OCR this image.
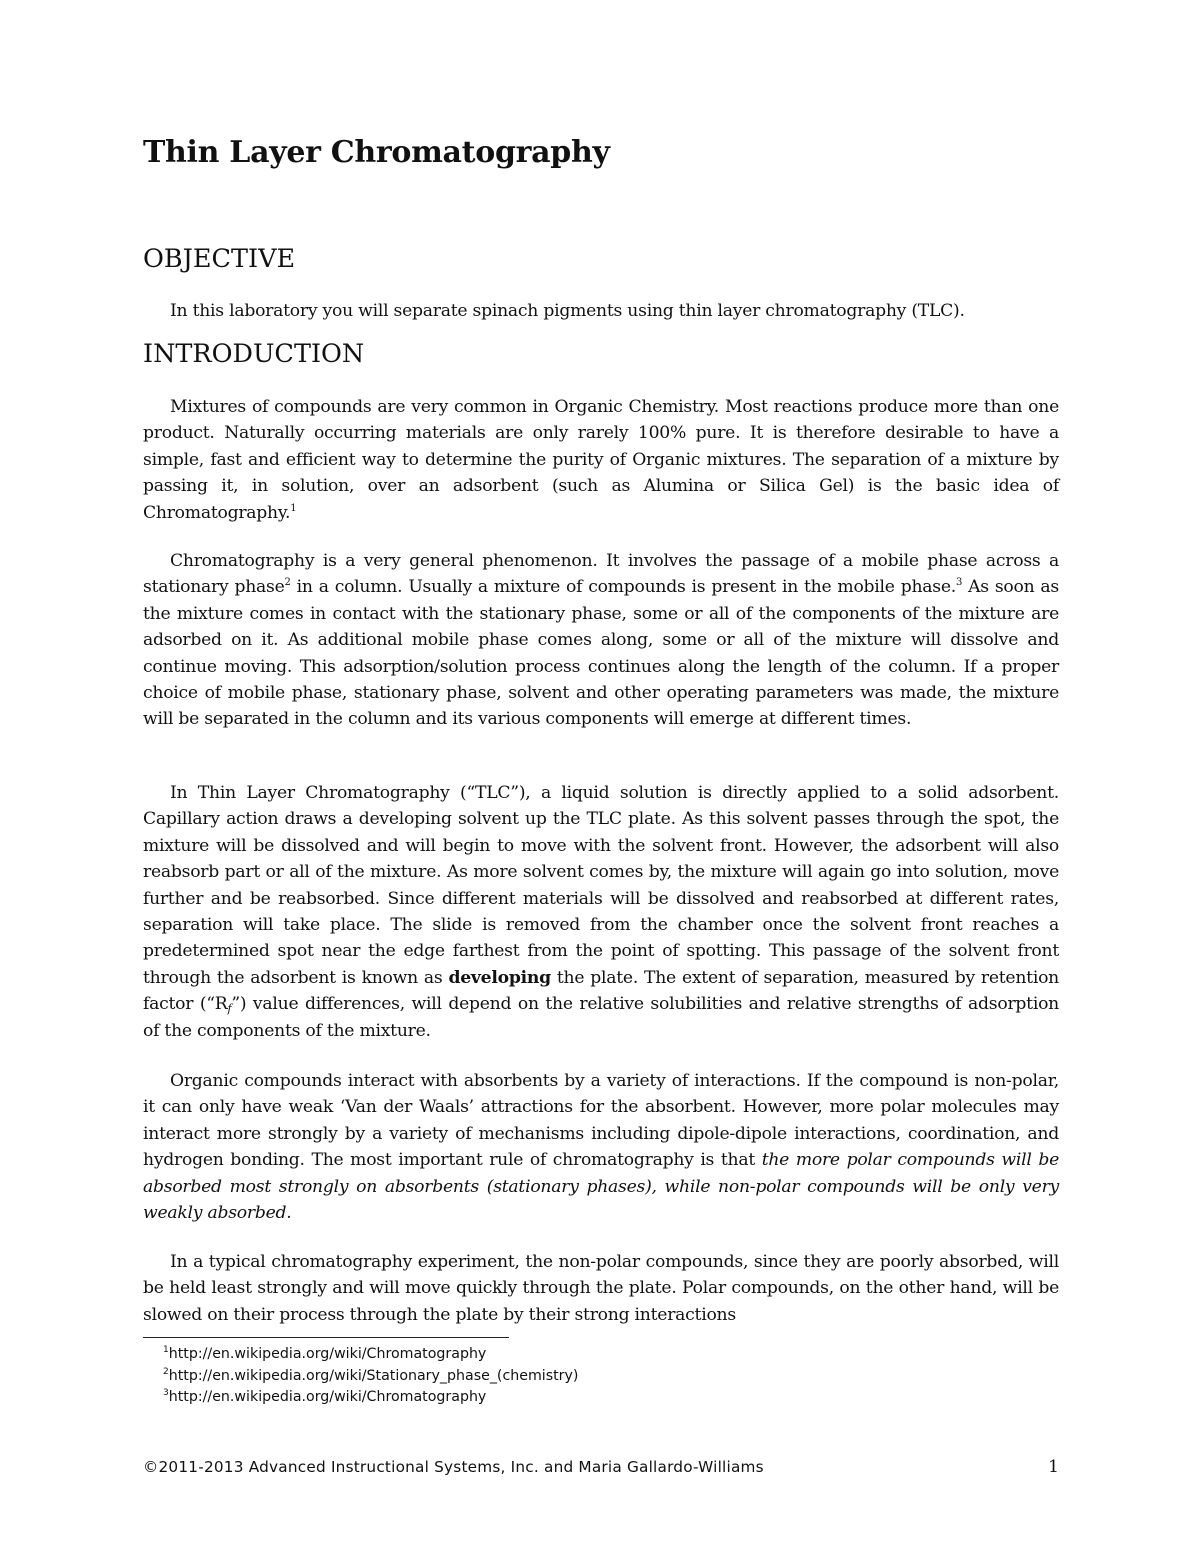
Thin Layer Chromatography
OBJECTIVE

In this laboratory you will separate spinach pigments using thin layer chromatography (TLC).

INTRODUCTION

Mixtures of compounds are very common in Organic Chemistry. Most reactions produce more than one product. Naturally occurring materials are only rarely 100% pure. It is therefore desirable to have a simple, fast and efficient way to determine the purity of Organic mixtures. The separation of a mixture by passing it, in solution, over an adsorbent (such as Alumina or Silica Gel) is the basic idea of Chromatography.$^1$

Chromatography is a very general phenomenon. It involves the passage of a mobile phase across a stationary phase$^2$ in a column. Usually a mixture of compounds is present in the mobile phase.$^3$ As soon as the mixture comes in contact with the stationary phase, some or all of the components of the mixture are adsorbed on it. As additional mobile phase comes along, some or all of the mixture will dissolve and continue moving. This adsorption/solution process continues along the length of the column. If a proper choice of mobile phase, stationary phase, solvent and other operating parameters was made, the mixture will be separated in the column and its various components will emerge at different times.

In Thin Layer Chromatography (“TLC”), a liquid solution is directly applied to a solid adsorbent. Capillary action draws a developing solvent up the TLC plate. As this solvent passes through the spot, the mixture will be dissolved and will begin to move with the solvent front. However, the adsorbent will also reabsorb part or all of the mixture. As more solvent comes by, the mixture will again go into solution, move further and be reabsorbed. Since different materials will be dissolved and reabsorbed at different rates, separation will take place. The slide is removed from the chamber once the solvent front reaches a predetermined spot near the edge farthest from the point of spotting. This passage of the solvent front through the adsorbent is known as developing the plate. The extent of separation, measured by retention factor $(“R_f”)$ value differences, will depend on the relative solubilities and relative strengths of adsorption of the components of the mixture.

Organic compounds interact with absorbents by a variety of interactions. If the compound is non-polar, it can only have weak ‘Van der Waals’ attractions for the absorbent. However, more polar molecules may interact more strongly by a variety of mechanisms including dipole-dipole interactions, coordination, and hydrogen bonding. The most important rule of chromatography is that the more polar compounds will be absorbed most strongly on absorbents (stationary phases), while non-polar compounds will be only very weakly absorbed.

In a typical chromatography experiment, the non-polar compounds, since they are poorly absorbed, will be held least strongly and will move quickly through the plate. Polar compounds, on the other hand, will be slowed on their process through the plate by their strong interactions

$^1$http://en.wikipedia.org/wiki/Chromatography
$^2$http://en.wikipedia.org/wiki/Stationary_phase_(chemistry)
$^3$http://en.wikipedia.org/wiki/Chromatography
©2011-2013 Advanced Instructional Systems, Inc. and Maria Gallardo-Williams	1
